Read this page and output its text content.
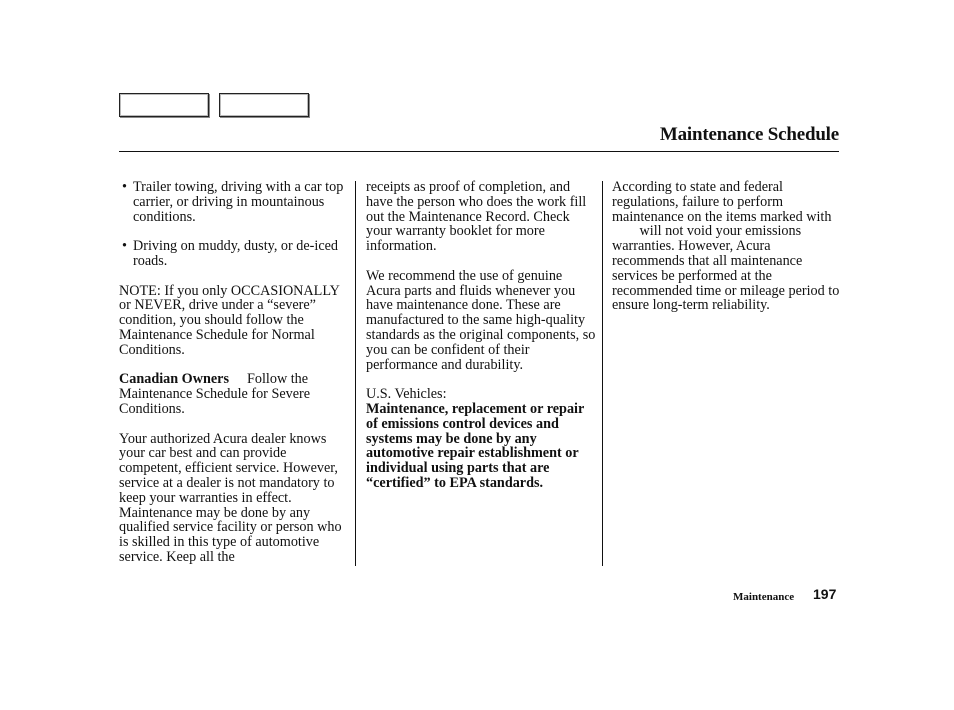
Maintenance Schedule
• Trailer towing, driving with a car top carrier, or driving in mountainous conditions.
• Driving on muddy, dusty, or de-iced roads.
NOTE: If you only OCCASIONALLY or NEVER, drive under a “severe” condition, you should follow the Maintenance Schedule for Normal Conditions.
Canadian Owners Follow the Maintenance Schedule for Severe Conditions.
Your authorized Acura dealer knows your car best and can provide competent, efficient service. However, service at a dealer is not mandatory to keep your warranties in effect. Maintenance may be done by any qualified service facility or person who is skilled in this type of automotive service. Keep all the
receipts as proof of completion, and have the person who does the work fill out the Maintenance Record. Check your warranty booklet for more information.
We recommend the use of genuine Acura parts and fluids whenever you have maintenance done. These are manufactured to the same high-quality standards as the original components, so you can be confident of their performance and durability.
U.S. Vehicles:
Maintenance, replacement or repair of emissions control devices and systems may be done by any automotive repair establishment or individual using parts that are “certified” to EPA standards.
According to state and federal regulations, failure to perform maintenance on the items marked with  will not void your emissions warranties. However, Acura recommends that all maintenance services be performed at the recommended time or mileage period to ensure long-term reliability.
Maintenance 197
